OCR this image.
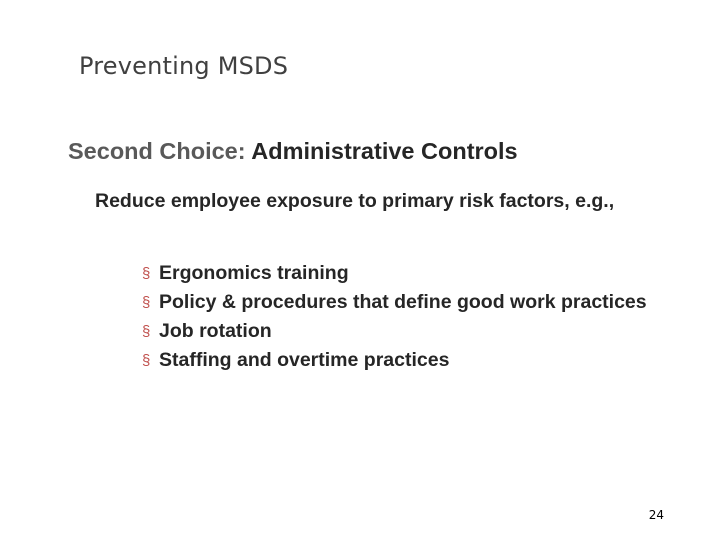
Preventing MSDS
Second Choice: Administrative Controls
Reduce employee exposure to primary risk factors, e.g.,
§ Ergonomics training
§ Policy & procedures that define good work practices
§ Job rotation
§ Staffing and overtime practices
24
